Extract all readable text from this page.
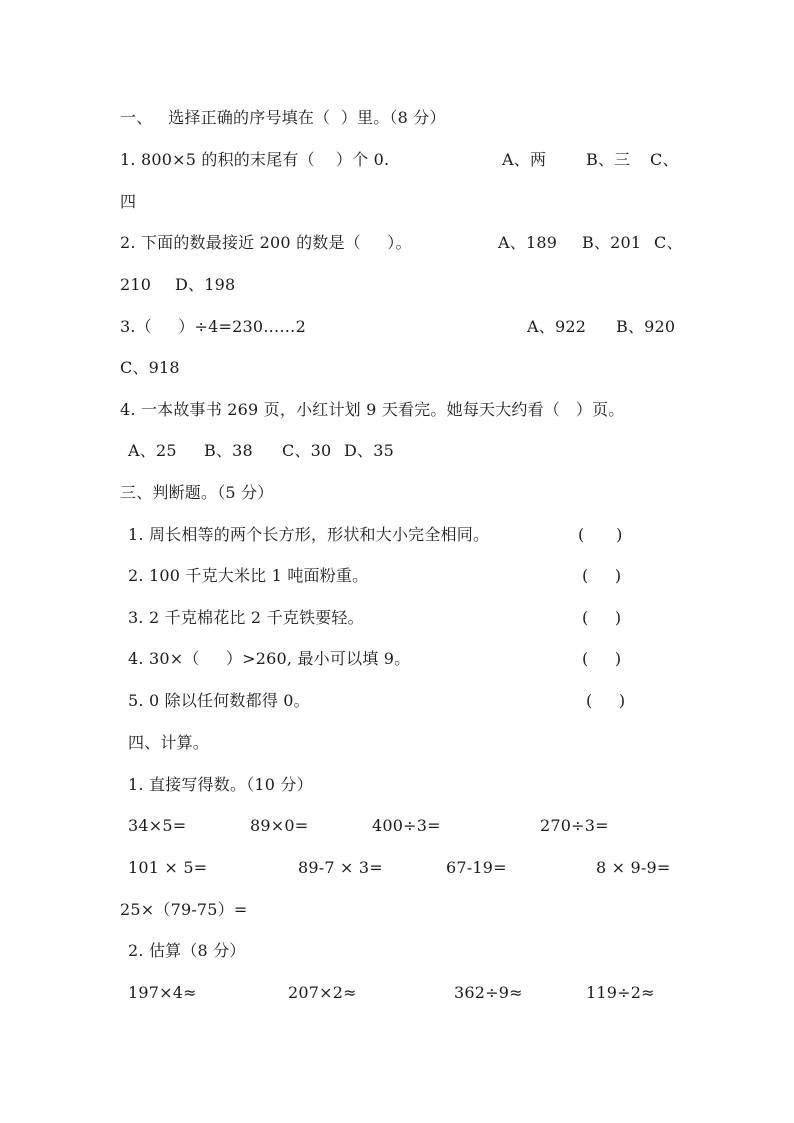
一、   选择正确的序号填在（  ）里。（8 分）
1. 800×5 的积的末尾有（    ）个 0.	A、两 B、三 C、
四
2. 下面的数最接近 200 的数是（     ）。	A、189 B、201 C、
210 D、198
3.（     ）÷4=230……2	A、922 B、920
C、918
4. 一本故事书 269 页，小红计划 9 天看完。她每天大约看（   ）页。
A、25 B、38 C、30 D、35
三、判断题。（5 分）
1. 周长相等的两个长方形，形状和大小完全相同。	(      )
2. 100 千克大米比 1 吨面粉重。	(     )
3. 2 千克棉花比 2 千克铁要轻。	(     )
4. 30×（     ）>260, 最小可以填 9。	(     )
5. 0 除以任何数都得 0。	(     )
四、计算。
1. 直接写得数。（10 分）
34×5=	89×0=	400÷3=	270÷3=
101 × 5=	89-7 × 3=	67-19=	8 × 9-9=
25×（79-75）=
2. 估算（8 分）
197×4≈	207×2≈	362÷9≈	119÷2≈
